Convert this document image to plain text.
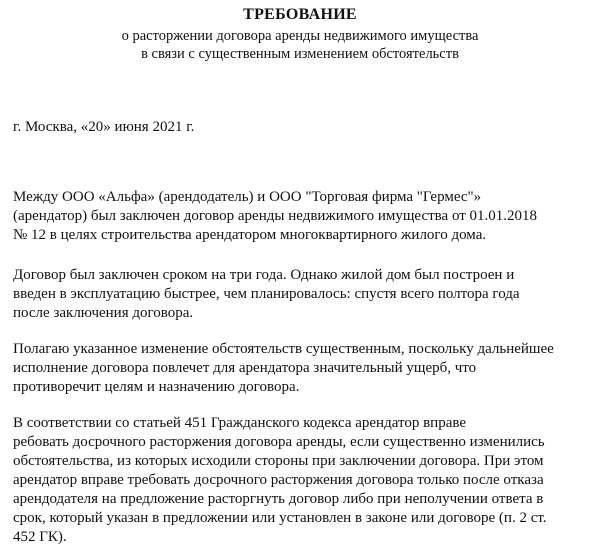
ТРЕБОВАНИЕ
о расторжении договора аренды недвижимого имущества
в связи с существенным изменением обстоятельств
г. Москва, «20» июня 2021 г.

Между ООО «Альфа» (арендодатель) и ООО "Торговая фирма "Гермес"»
(арендатор) был заключен договор аренды недвижимого имущества от 01.01.2018
№ 12 в целях строительства арендатором многоквартирного жилого дома.

Договор был заключен сроком на три года. Однако жилой дом был построен и
введен в эксплуатацию быстрее, чем планировалось: спустя всего полтора года
после заключения договора.

Полагаю указанное изменение обстоятельств существенным, поскольку дальнейшее
исполнение договора повлечет для арендатора значительный ущерб, что
противоречит целям и назначению договора.

В соответствии со статьей 451 Гражданского кодекса арендатор вправе
ребовать досрочного расторжения договора аренды, если существенно изменились
обстоятельства, из которых исходили стороны при заключении договора. При этом
арендатор вправе требовать досрочного расторжения договора только после отказа
арендодателя на предложение расторгнуть договор либо при неполучении ответа в
срок, который указан в предложении или установлен в законе или договоре (п. 2 ст.
452 ГК).
